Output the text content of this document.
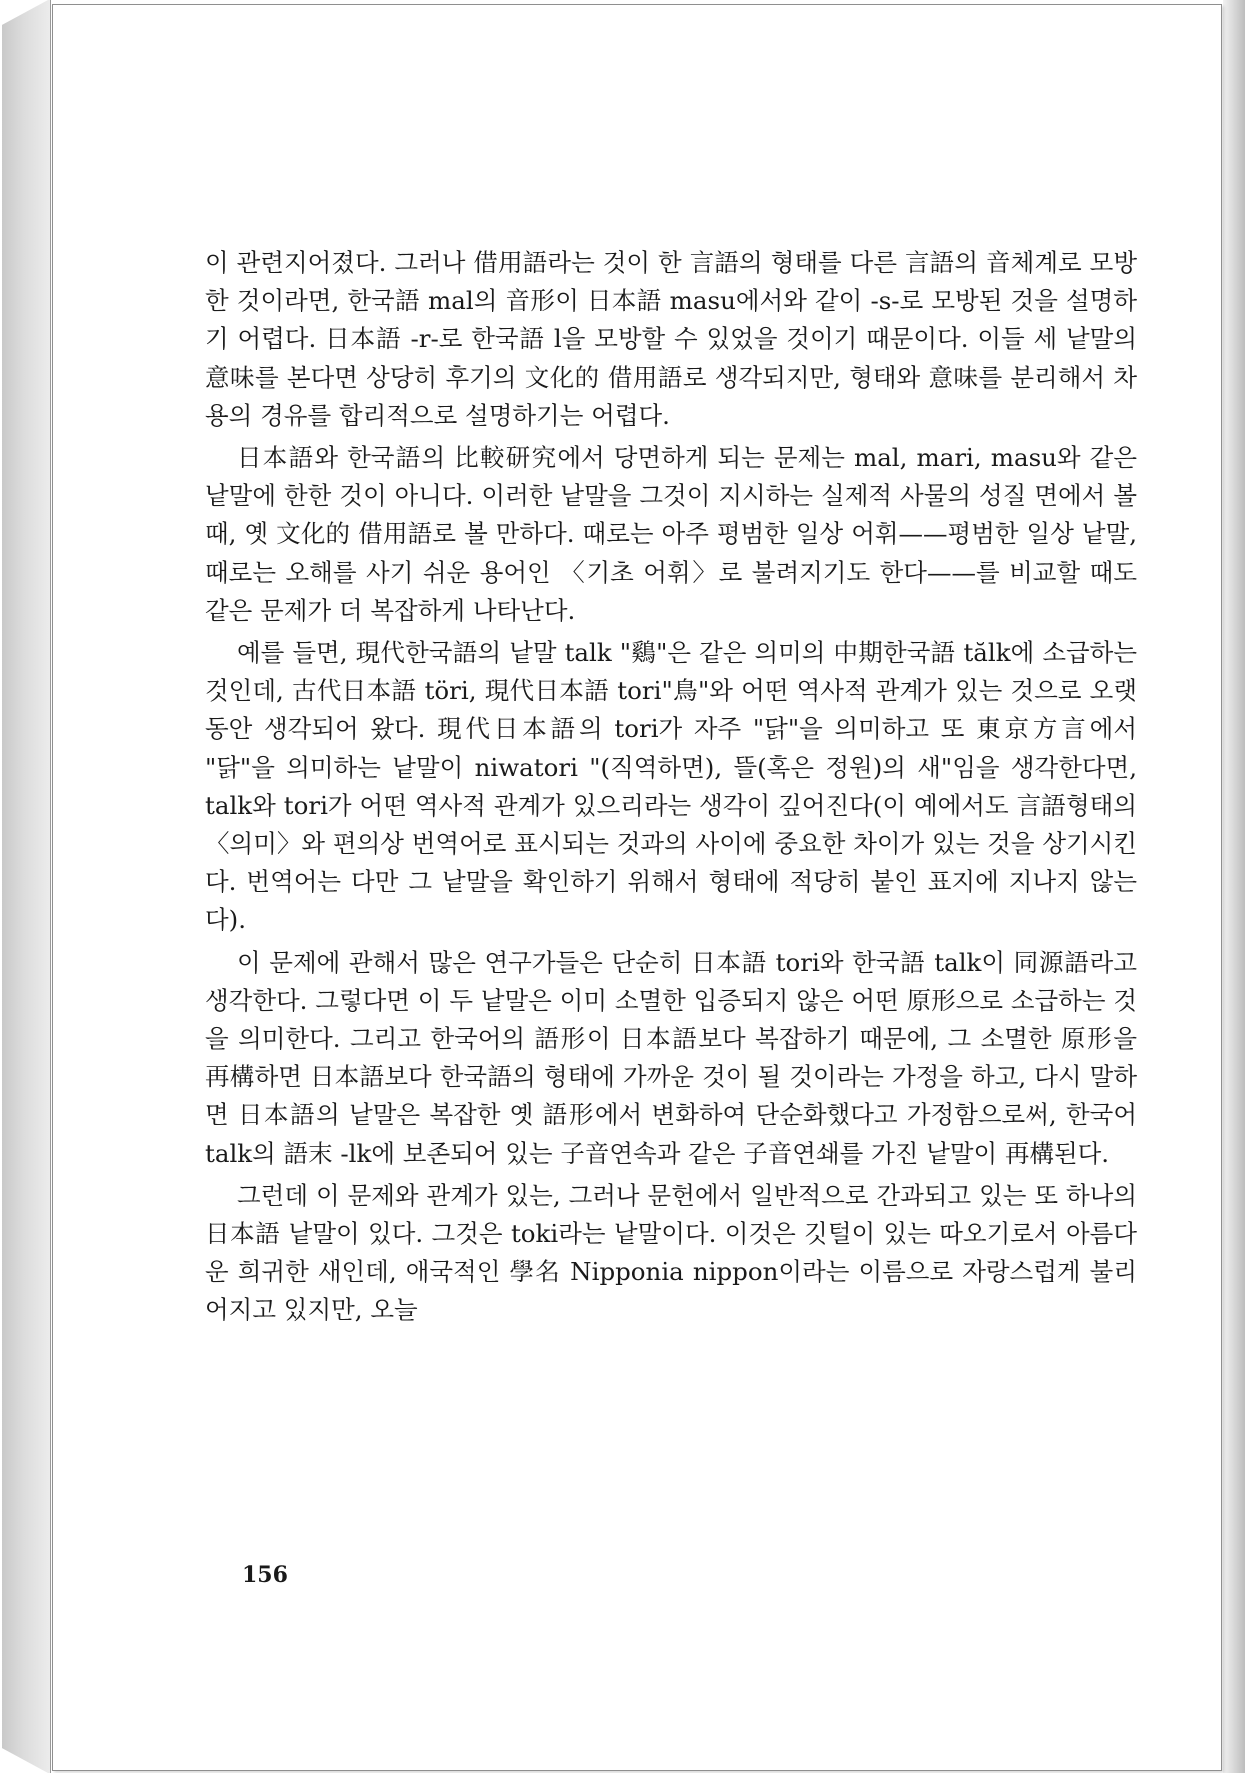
이 관련지어졌다. 그러나 借用語라는 것이 한 言語의 형태를 다른 言語의 音체계로 모방한 것이라면, 한국語 mal의 音形이 日本語 masu에서와 같이 -s-로 모방된 것을 설명하기 어렵다. 日本語 -r-로 한국語 l을 모방할 수 있었을 것이기 때문이다. 이들 세 낱말의 意味를 본다면 상당히 후기의 文化的 借用語로 생각되지만, 형태와 意味를 분리해서 차용의 경유를 합리적으로 설명하기는 어렵다.

日本語와 한국語의 比較研究에서 당면하게 되는 문제는 mal, mari, masu와 같은 낱말에 한한 것이 아니다. 이러한 낱말을 그것이 지시하는 실제적 사물의 성질 면에서 볼 때, 옛 文化的 借用語로 볼 만하다. 때로는 아주 평범한 일상 어휘——평범한 일상 낱말, 때로는 오해를 사기 쉬운 용어인 〈기초 어휘〉로 불려지기도 한다——를 비교할 때도 같은 문제가 더 복잡하게 나타난다.

예를 들면, 現代한국語의 낱말 talk "鷄"은 같은 의미의 中期한국語 tălk에 소급하는 것인데, 古代日本語 töri, 現代日本語 tori"鳥"와 어떤 역사적 관계가 있는 것으로 오랫동안 생각되어 왔다. 現代日本語의 tori가 자주 "닭"을 의미하고 또 東京方言에서 "닭"을 의미하는 낱말이 niwatori "(직역하면), 뜰(혹은 정원)의 새"임을 생각한다면, talk와 tori가 어떤 역사적 관계가 있으리라는 생각이 깊어진다(이 예에서도 言語형태의 〈의미〉와 편의상 번역어로 표시되는 것과의 사이에 중요한 차이가 있는 것을 상기시킨다. 번역어는 다만 그 낱말을 확인하기 위해서 형태에 적당히 붙인 표지에 지나지 않는다).

이 문제에 관해서 많은 연구가들은 단순히 日本語 tori와 한국語 talk이 同源語라고 생각한다. 그렇다면 이 두 낱말은 이미 소멸한 입증되지 않은 어떤 原形으로 소급하는 것을 의미한다. 그리고 한국어의 語形이 日本語보다 복잡하기 때문에, 그 소멸한 原形을 再構하면 日本語보다 한국語의 형태에 가까운 것이 될 것이라는 가정을 하고, 다시 말하면 日本語의 낱말은 복잡한 옛 語形에서 변화하여 단순화했다고 가정함으로써, 한국어 talk의 語末 -lk에 보존되어 있는 子音연속과 같은 子音연쇄를 가진 낱말이 再構된다.

그런데 이 문제와 관계가 있는, 그러나 문헌에서 일반적으로 간과되고 있는 또 하나의 日本語 낱말이 있다. 그것은 toki라는 낱말이다. 이것은 깃털이 있는 따오기로서 아름다운 희귀한 새인데, 애국적인 學名 Nipponia nippon이라는 이름으로 자랑스럽게 불리어지고 있지만, 오늘

156
